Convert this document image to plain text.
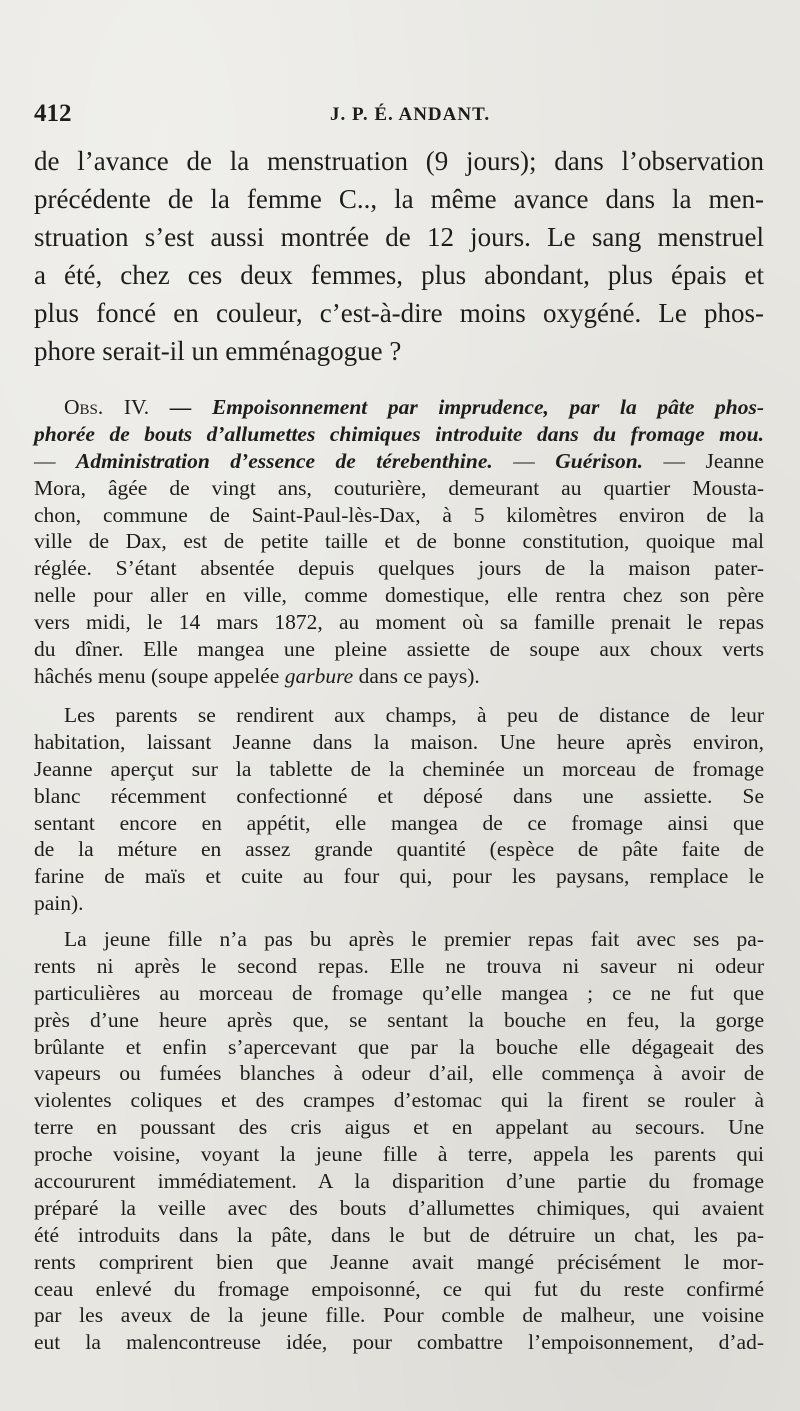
412	J. P. É. ANDANT.
de l’avance de la menstruation (9 jours); dans l’observation
précédente de la femme C.., la même avance dans la men-
struation s’est aussi montrée de 12 jours. Le sang menstruel
a été, chez ces deux femmes, plus abondant, plus épais et
plus foncé en couleur, c’est-à-dire moins oxygéné. Le phos-
phore serait-il un emménagogue ?
Obs. IV. — Empoisonnement par imprudence, par la pâte phos-
phorée de bouts d’allumettes chimiques introduite dans du fromage mou.
— Administration d’essence de térebenthine. — Guérison. — Jeanne
Mora, âgée de vingt ans, couturière, demeurant au quartier Mousta-
chon, commune de Saint-Paul-lès-Dax, à 5 kilomètres environ de la
ville de Dax, est de petite taille et de bonne constitution, quoique mal
réglée. S’étant absentée depuis quelques jours de la maison pater-
nelle pour aller en ville, comme domestique, elle rentra chez son père
vers midi, le 14 mars 1872, au moment où sa famille prenait le repas
du dîner. Elle mangea une pleine assiette de soupe aux choux verts
hâchés menu (soupe appelée garbure dans ce pays).
Les parents se rendirent aux champs, à peu de distance de leur
habitation, laissant Jeanne dans la maison. Une heure après environ,
Jeanne aperçut sur la tablette de la cheminée un morceau de fromage
blanc récemment confectionné et déposé dans une assiette. Se
sentant encore en appétit, elle mangea de ce fromage ainsi que
de la méture en assez grande quantité (espèce de pâte faite de
farine de maïs et cuite au four qui, pour les paysans, remplace le
pain).
La jeune fille n’a pas bu après le premier repas fait avec ses pa-
rents ni après le second repas. Elle ne trouva ni saveur ni odeur
particulières au morceau de fromage qu’elle mangea ; ce ne fut que
près d’une heure après que, se sentant la bouche en feu, la gorge
brûlante et enfin s’apercevant que par la bouche elle dégageait des
vapeurs ou fumées blanches à odeur d’ail, elle commença à avoir de
violentes coliques et des crampes d’estomac qui la firent se rouler à
terre en poussant des cris aigus et en appelant au secours. Une
proche voisine, voyant la jeune fille à terre, appela les parents qui
accoururent immédiatement. A la disparition d’une partie du fromage
préparé la veille avec des bouts d’allumettes chimiques, qui avaient
été introduits dans la pâte, dans le but de détruire un chat, les pa-
rents comprirent bien que Jeanne avait mangé précisément le mor-
ceau enlevé du fromage empoisonné, ce qui fut du reste confirmé
par les aveux de la jeune fille. Pour comble de malheur, une voisine
eut la malencontreuse idée, pour combattre l’empoisonnement, d’ad-
